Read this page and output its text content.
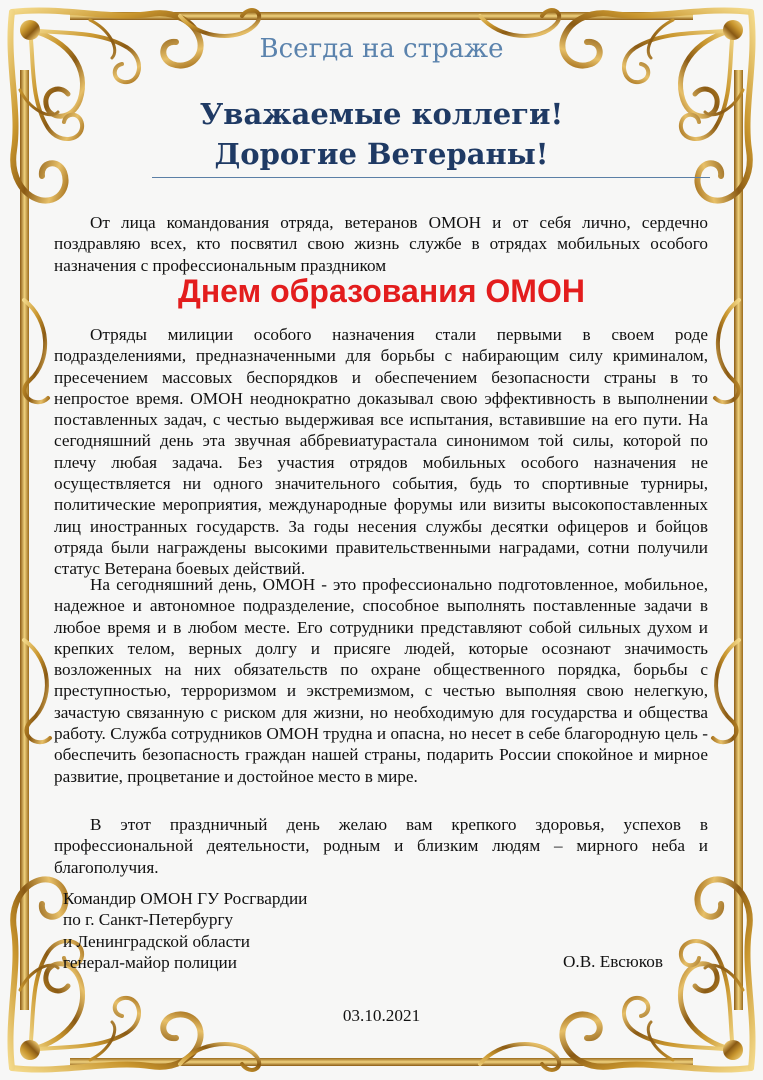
Всегда на страже
Уважаемые коллеги!
Дорогие Ветераны!
От лица командования отряда, ветеранов ОМОН и от себя лично, сердечно поздравляю всех, кто посвятил свою жизнь службе в отрядах мобильных особого назначения с профессиональным праздником
Днем образования ОМОН
Отряды милиции особого назначения стали первыми в своем роде подразделениями, предназначенными для борьбы с набирающим силу криминалом, пресечением массовых беспорядков и обеспечением безопасности страны в то непростое время. ОМОН неоднократно доказывал свою эффективность в выполнении поставленных задач, с честью выдерживая все испытания, вставившие на его пути. На сегодняшний день эта звучная аббревиатурастала синонимом той силы, которой по плечу любая задача. Без участия отрядов мобильных особого назначения не осуществляется ни одного значительного события, будь то спортивные турниры, политические мероприятия, международные форумы или визиты высокопоставленных лиц иностранных государств. За годы несения службы десятки офицеров и бойцов отряда были награждены высокими правительственными наградами, сотни получили статус Ветерана боевых действий.
На сегодняшний день, ОМОН - это профессионально подготовленное, мобильное, надежное и автономное подразделение, способное выполнять поставленные задачи в любое время и в любом месте. Его сотрудники представляют собой сильных духом и крепких телом, верных долгу и присяге людей, которые осознают значимость возложенных на них обязательств по охране общественного порядка, борьбы с преступностью, терроризмом и экстремизмом, с честью выполняя свою нелегкую, зачастую связанную с риском для жизни, но необходимую для государства и общества работу. Служба сотрудников ОМОН трудна и опасна, но несет в себе благородную цель - обеспечить безопасность граждан нашей страны, подарить России спокойное и мирное развитие, процветание и достойное место в мире.
В этот праздничный день желаю вам крепкого здоровья, успехов в профессиональной деятельности, родным и близким людям – мирного неба и благополучия.
Командир ОМОН ГУ Росгвардии
по г. Санкт-Петербургу
и Ленинградской области
генерал-майор полиции	О.В. Евсюков
03.10.2021
